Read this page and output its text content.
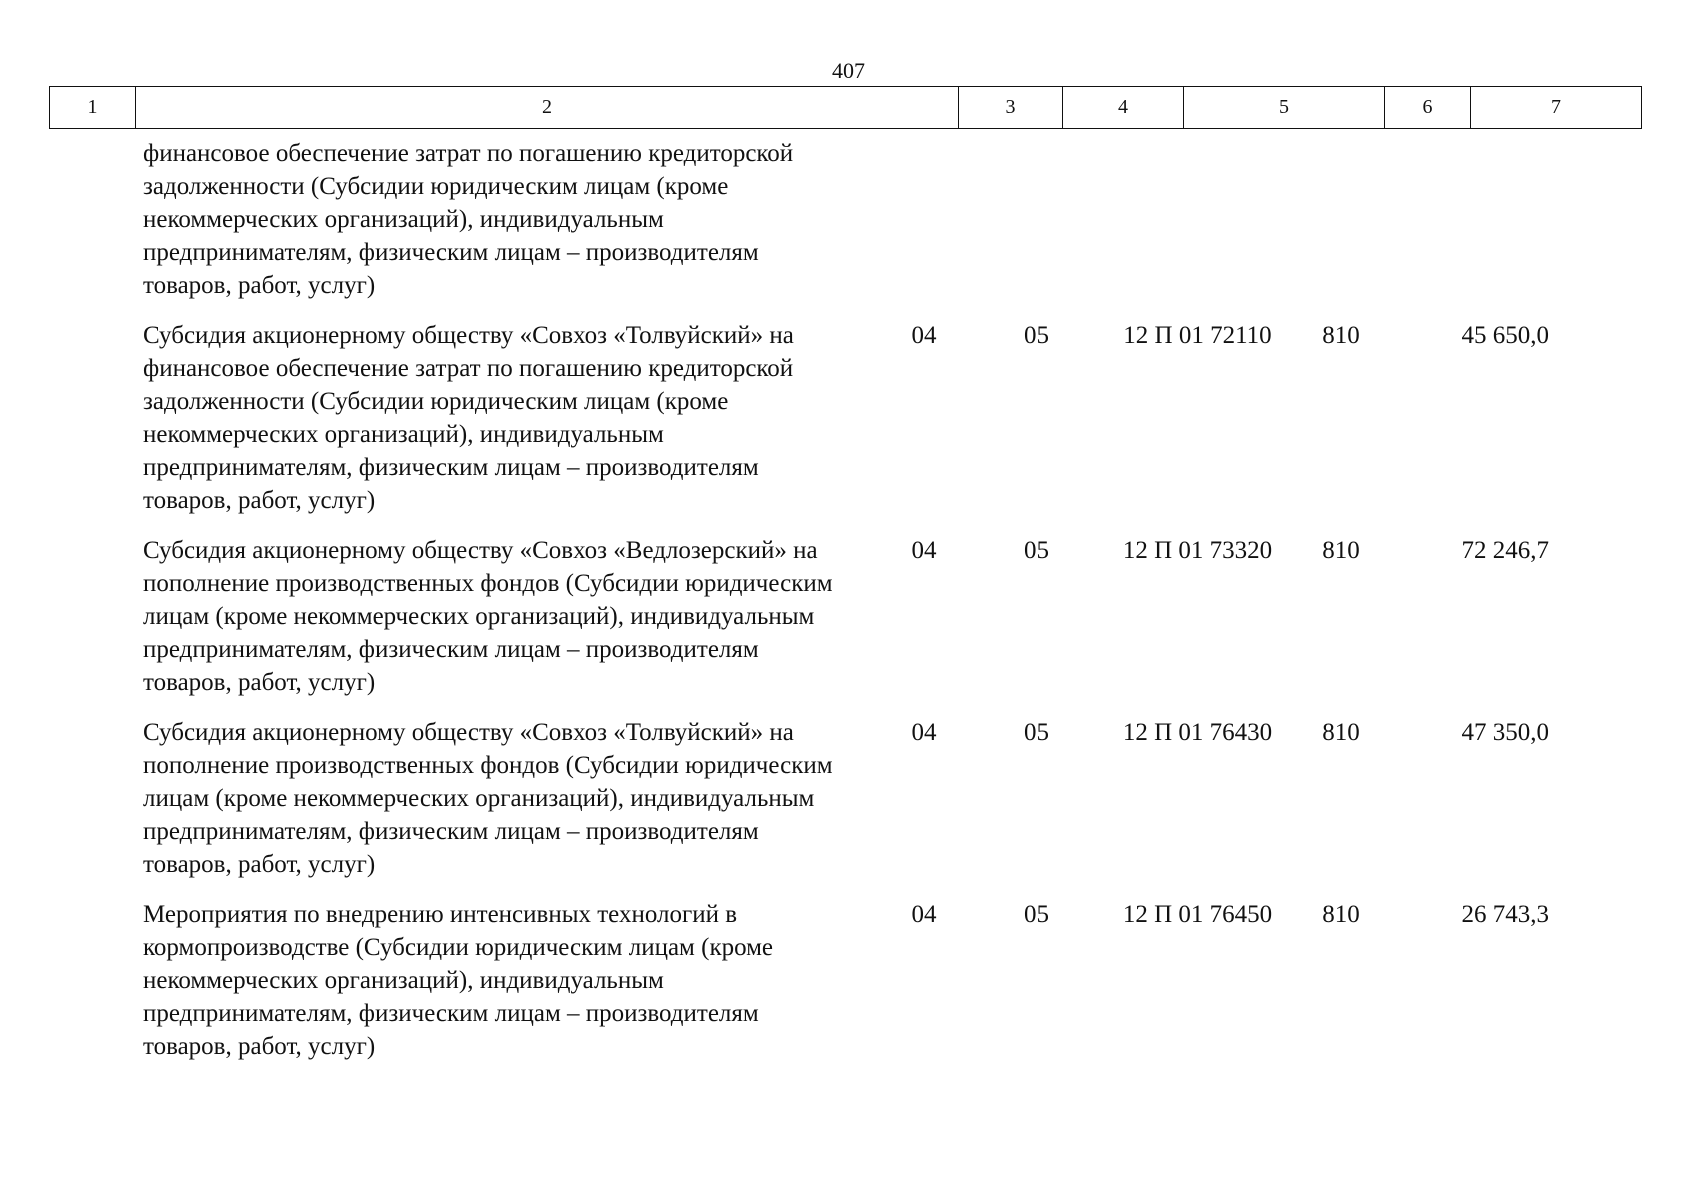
407
1	2	3	4	5	6	7
финансовое обеспечение затрат по погашению кредиторской
задолженности (Субсидии юридическим лицам (кроме
некоммерческих организаций), индивидуальным
предпринимателям, физическим лицам – производителям
товаров, работ, услуг)
Субсидия акционерному обществу «Совхоз «Толвуйский» на
финансовое обеспечение затрат по погашению кредиторской
задолженности (Субсидии юридическим лицам (кроме
некоммерческих организаций), индивидуальным
предпринимателям, физическим лицам – производителям
товаров, работ, услуг)
04	05	12 П 01 72110	810	45 650,0
Субсидия акционерному обществу «Совхоз «Ведлозерский» на
пополнение производственных фондов (Субсидии юридическим
лицам (кроме некоммерческих организаций), индивидуальным
предпринимателям, физическим лицам – производителям
товаров, работ, услуг)
04	05	12 П 01 73320	810	72 246,7
Субсидия акционерному обществу «Совхоз «Толвуйский» на
пополнение производственных фондов (Субсидии юридическим
лицам (кроме некоммерческих организаций), индивидуальным
предпринимателям, физическим лицам – производителям
товаров, работ, услуг)
04	05	12 П 01 76430	810	47 350,0
Мероприятия по внедрению интенсивных технологий в
кормопроизводстве (Субсидии юридическим лицам (кроме
некоммерческих организаций), индивидуальным
предпринимателям, физическим лицам – производителям
товаров, работ, услуг)
04	05	12 П 01 76450	810	26 743,3
